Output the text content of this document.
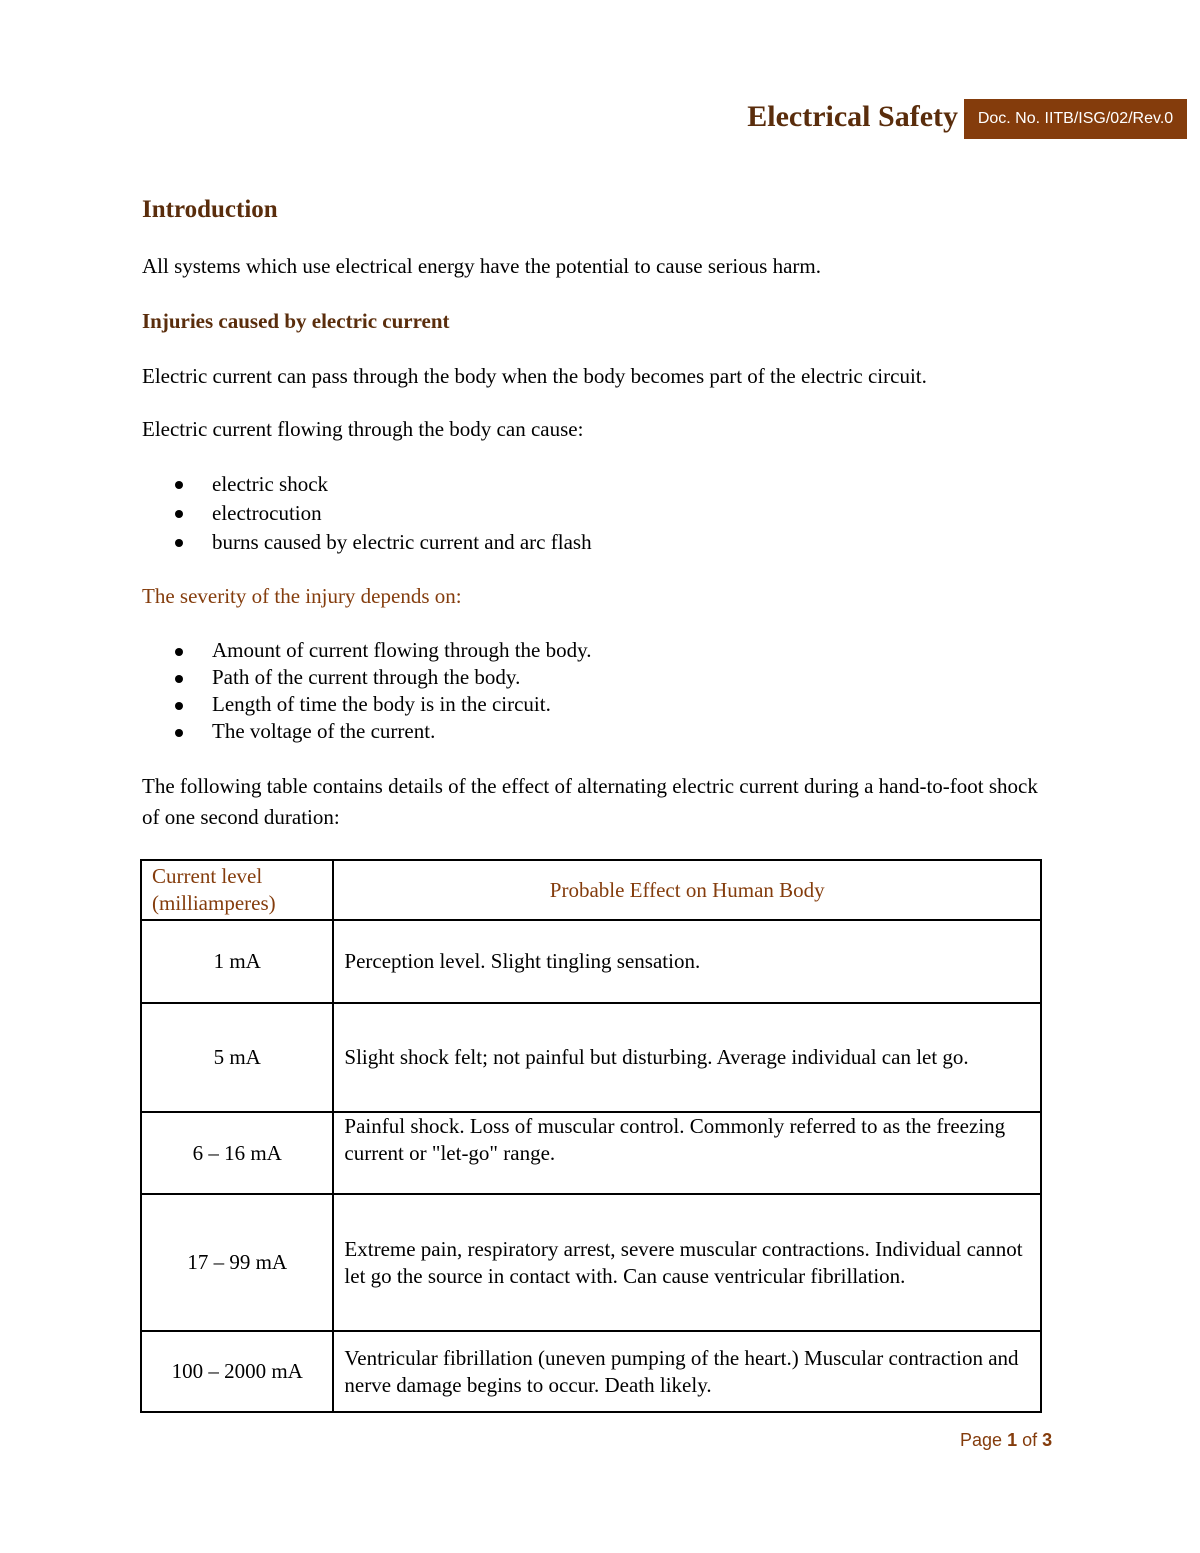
Electrical Safety	Doc. No. IITB/ISG/02/Rev.0
Introduction

All systems which use electrical energy have the potential to cause serious harm.

Injuries caused by electric current

Electric current can pass through the body when the body becomes part of the electric circuit.

Electric current flowing through the body can cause:

electric shock
electrocution
burns caused by electric current and arc flash

The severity of the injury depends on:

Amount of current flowing through the body.
Path of the current through the body.
Length of time the body is in the circuit.
The voltage of the current.

The following table contains details of the effect of alternating electric current during a hand-to-foot shock of one second duration:

Current level (milliamperes)	Probable Effect on Human Body
1 mA	Perception level. Slight tingling sensation.
5 mA	Slight shock felt; not painful but disturbing. Average individual can let go.
6 – 16 mA	Painful shock. Loss of muscular control. Commonly referred to as the freezing current or "let-go" range.
17 – 99 mA	Extreme pain, respiratory arrest, severe muscular contractions. Individual cannot let go the source in contact with. Can cause ventricular fibrillation.
100 – 2000 mA	Ventricular fibrillation (uneven pumping of the heart.) Muscular contraction and nerve damage begins to occur. Death likely.
Page 1 of 3
